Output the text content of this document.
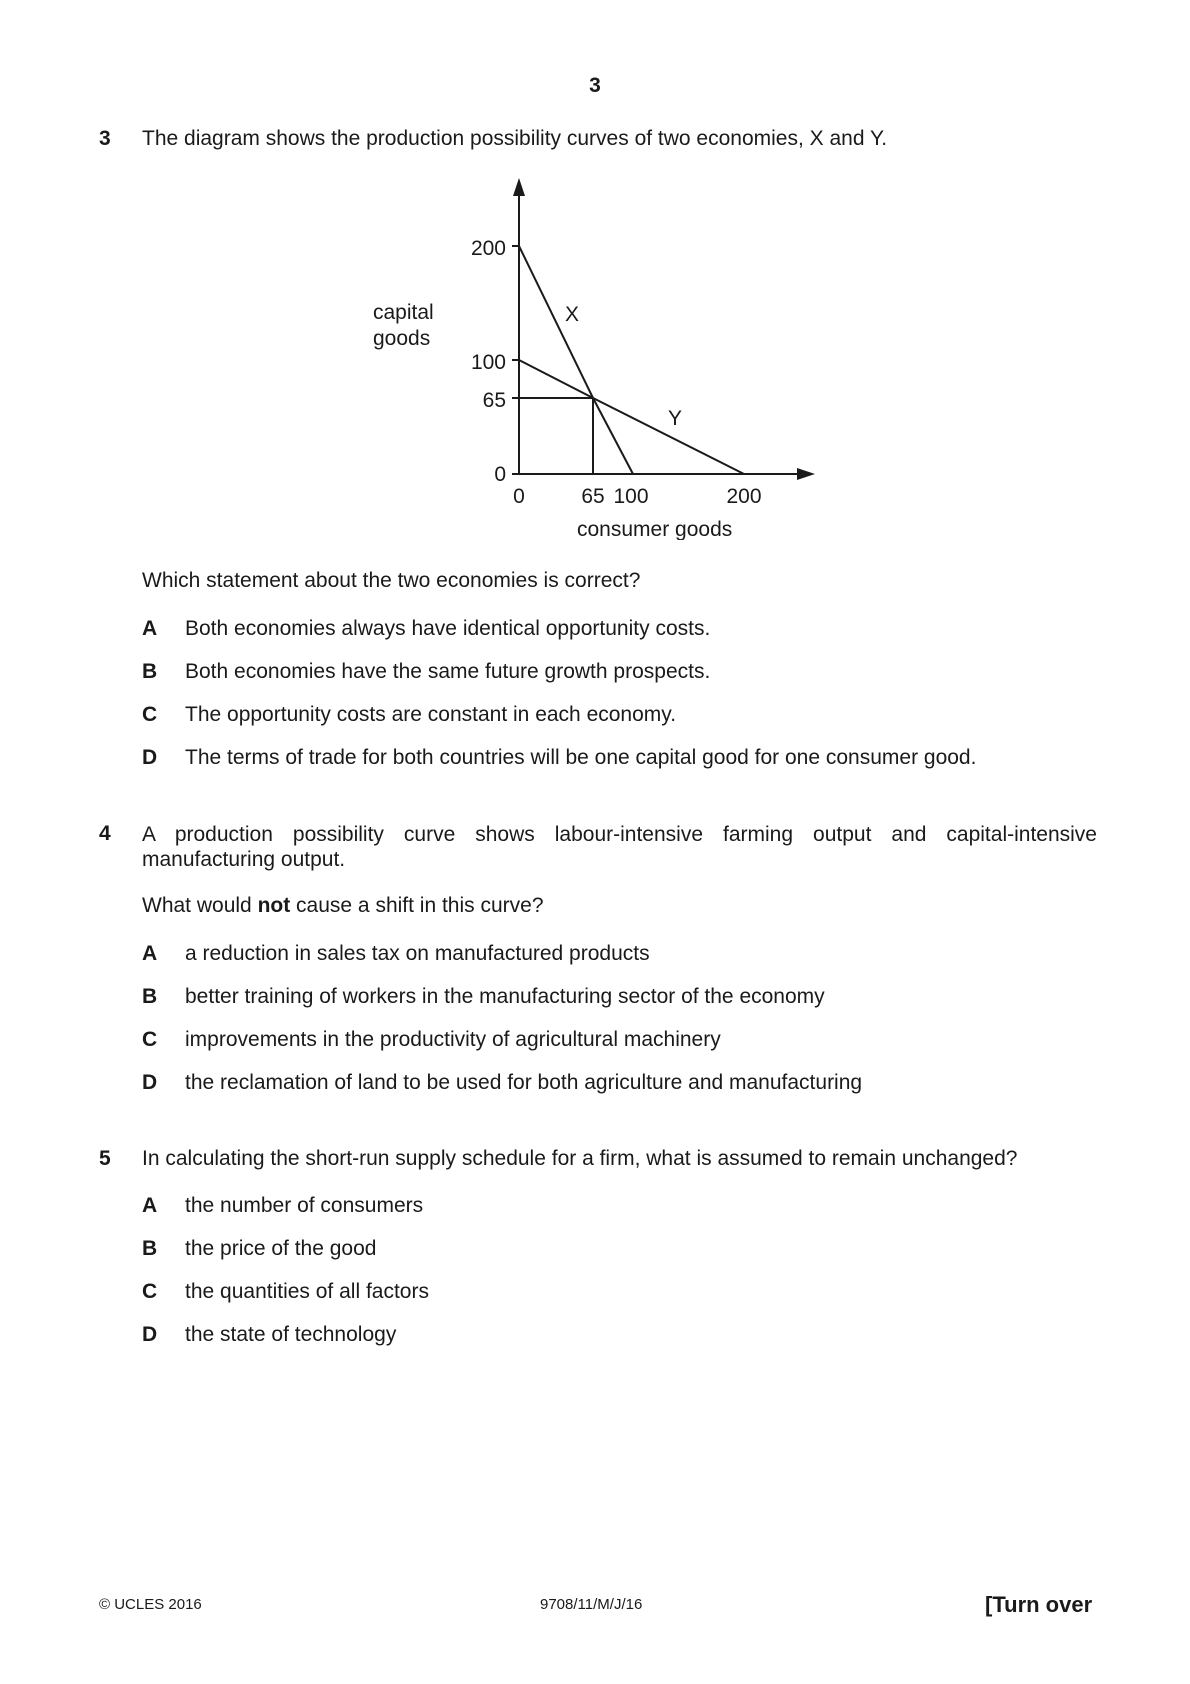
3
3 The diagram shows the production possibility curves of two economies, X and Y.
200
100
65
0
0	65 100	200
capital
goods
consumer goods
X
Y
Which statement about the two economies is correct?
A Both economies always have identical opportunity costs.
B Both economies have the same future growth prospects.
C The opportunity costs are constant in each economy.
D The terms of trade for both countries will be one capital good for one consumer good.
4 A production possibility curve shows labour-intensive farming output and capital-intensive
manufacturing output.
What would not cause a shift in this curve?
A a reduction in sales tax on manufactured products
B better training of workers in the manufacturing sector of the economy
C improvements in the productivity of agricultural machinery
D the reclamation of land to be used for both agriculture and manufacturing
5 In calculating the short-run supply schedule for a firm, what is assumed to remain unchanged?
A the number of consumers
B the price of the good
C the quantities of all factors
D the state of technology
© UCLES 2016	9708/11/M/J/16	[Turn over
